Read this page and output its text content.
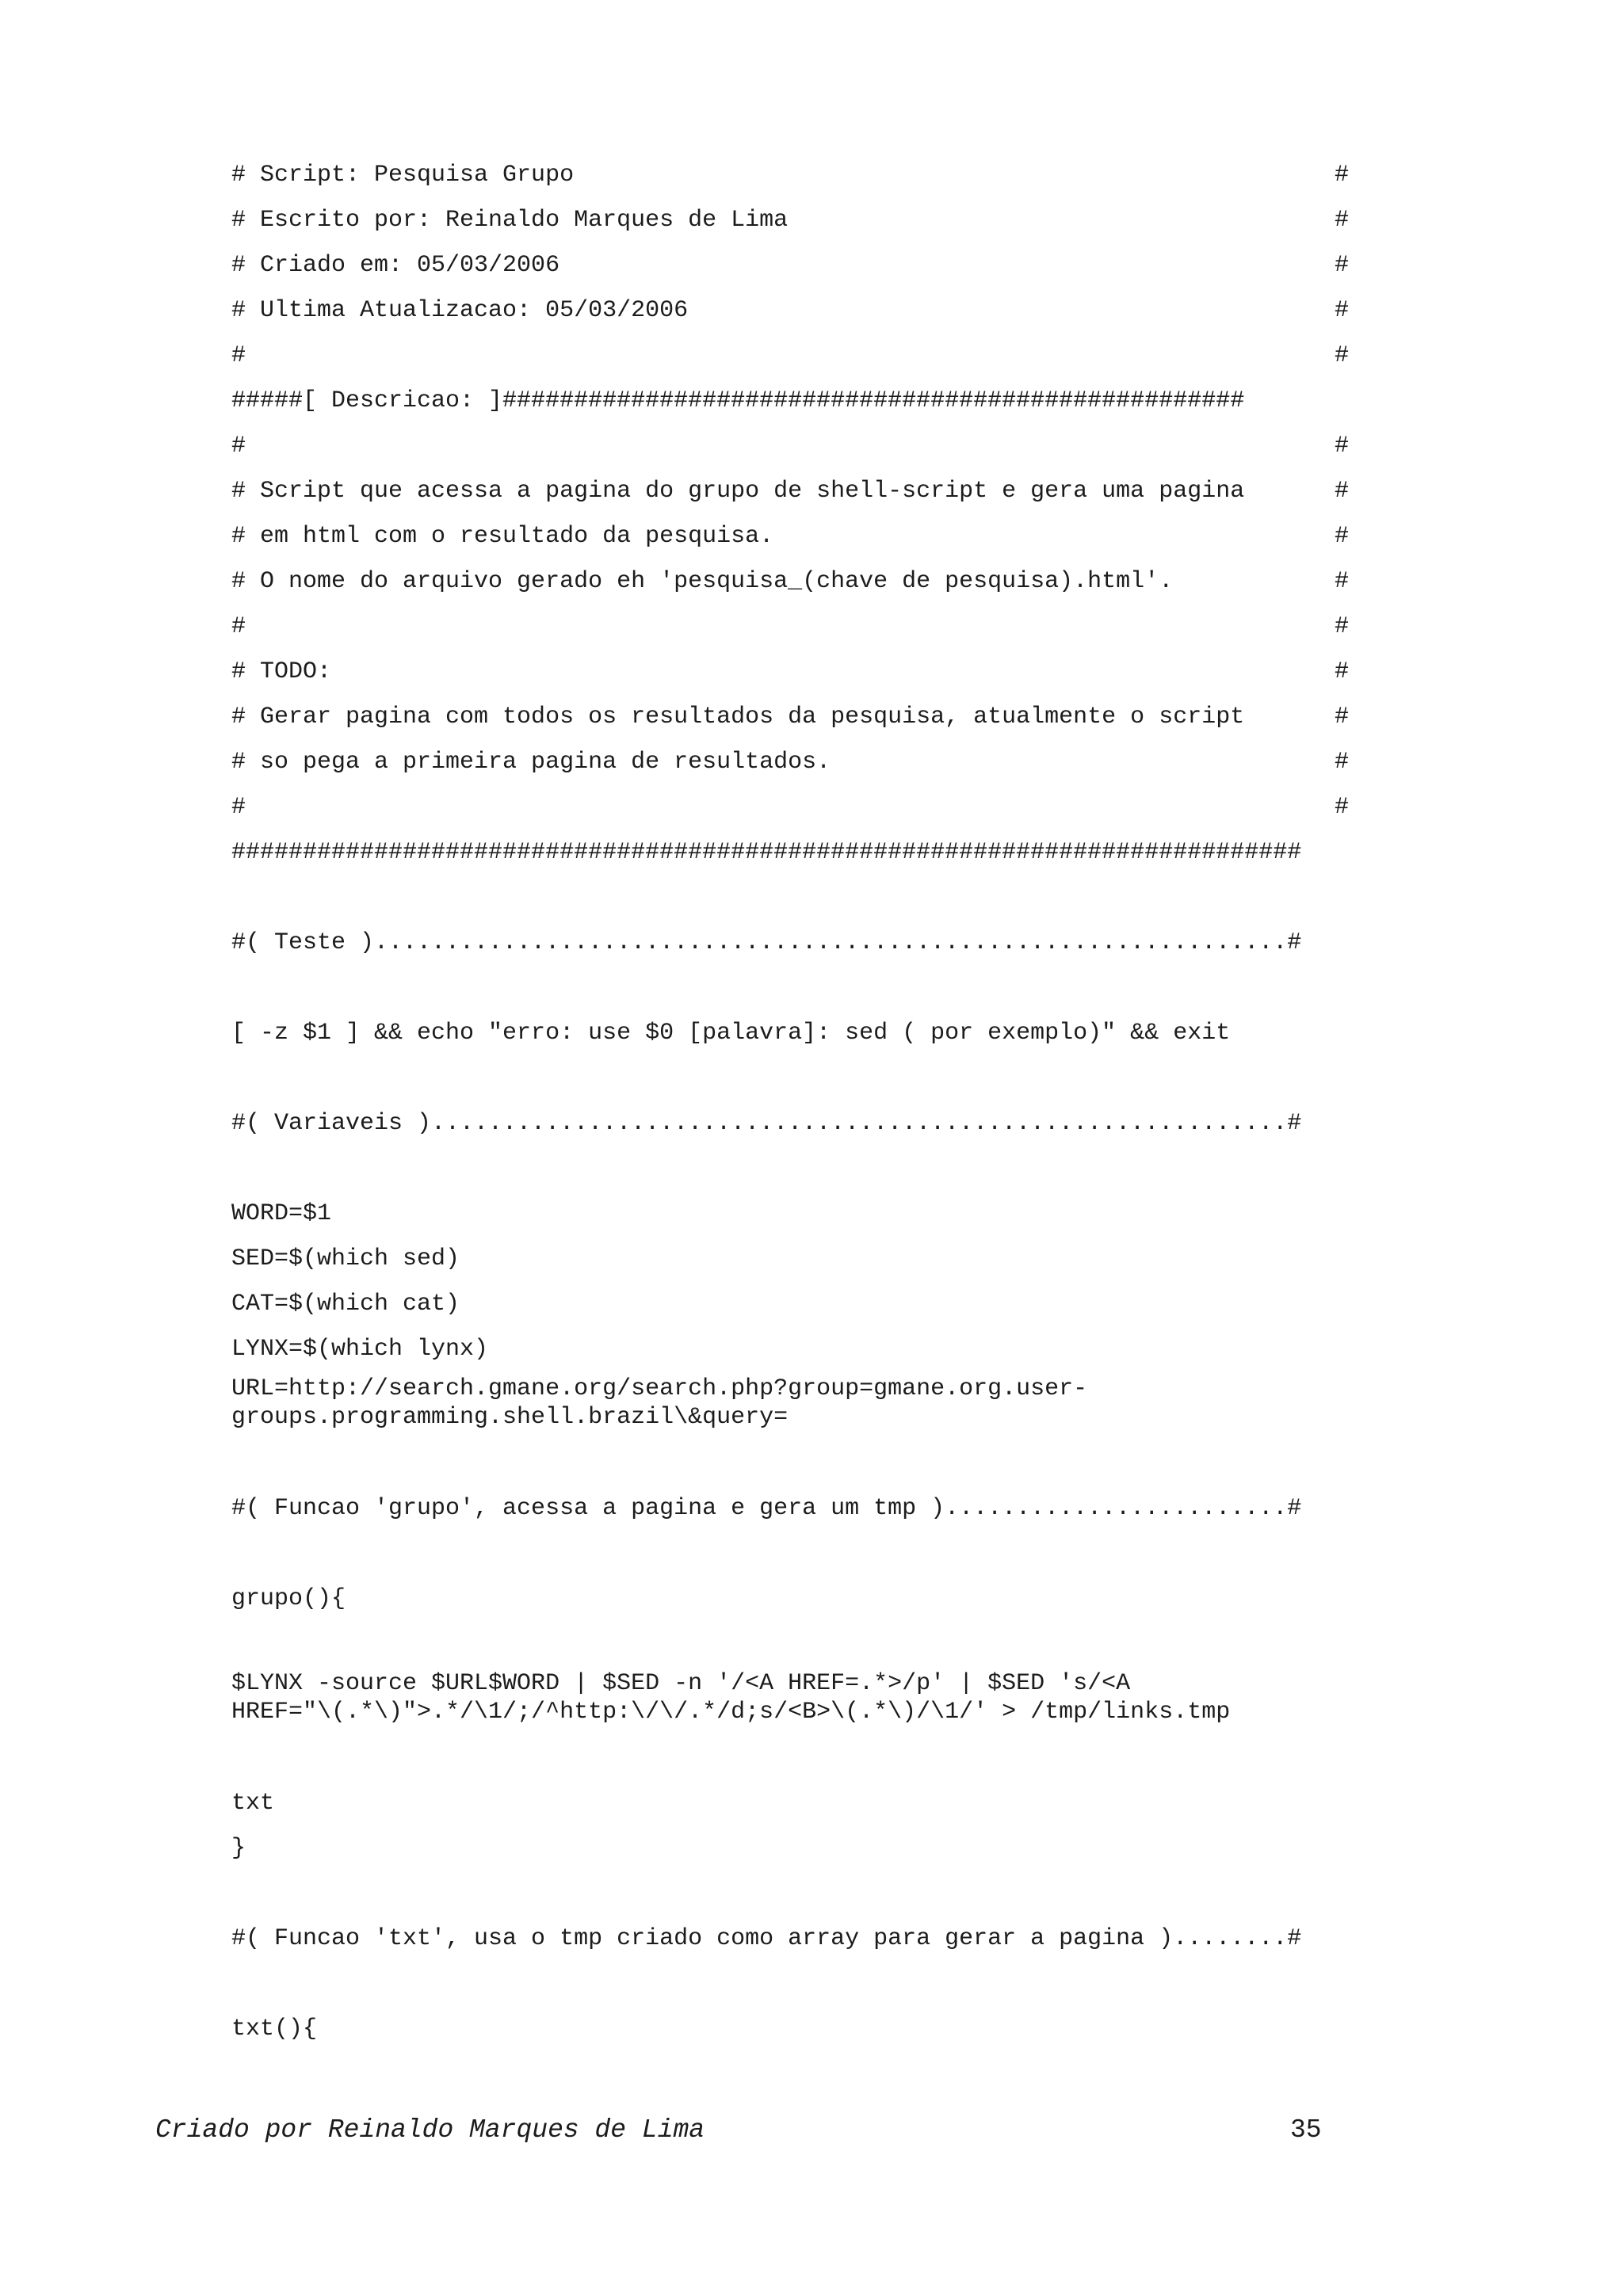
# Script: Pesquisa Grupo	#
# Escrito por: Reinaldo Marques de Lima	#
# Criado em: 05/03/2006	#
# Ultima Atualizacao: 05/03/2006	#
#	#
#####[ Descricao: ]####################################################
#	#
# Script que acessa a pagina do grupo de shell-script e gera uma pagina	#
# em html com o resultado da pesquisa.	#
# O nome do arquivo gerado eh 'pesquisa_(chave de pesquisa).html'.	#
#	#
# TODO:	#
# Gerar pagina com todos os resultados da pesquisa, atualmente o script	#
# so pega a primeira pagina de resultados.	#
#	#
###########################################################################
#( Teste )................................................................#
[ -z $1 ] && echo "erro: use $0 [palavra]: sed ( por exemplo)" && exit
#( Variaveis )............................................................#
WORD=$1
SED=$(which sed)
CAT=$(which cat)
LYNX=$(which lynx)
URL=http://search.gmane.org/search.php?group=gmane.org.user-
groups.programming.shell.brazil\&query=
#( Funcao 'grupo', acessa a pagina e gera um tmp )........................#
grupo(){
$LYNX -source $URL$WORD | $SED -n '/<A HREF=.*>/p' | $SED 's/<A
HREF="\(.*\)">.*/\1/;/^http:\/\/.*/d;s/<B>\(.*\)/\1/' > /tmp/links.tmp
txt
}
#( Funcao 'txt', usa o tmp criado como array para gerar a pagina )........#
txt(){
Criado por Reinaldo Marques de Lima	35
